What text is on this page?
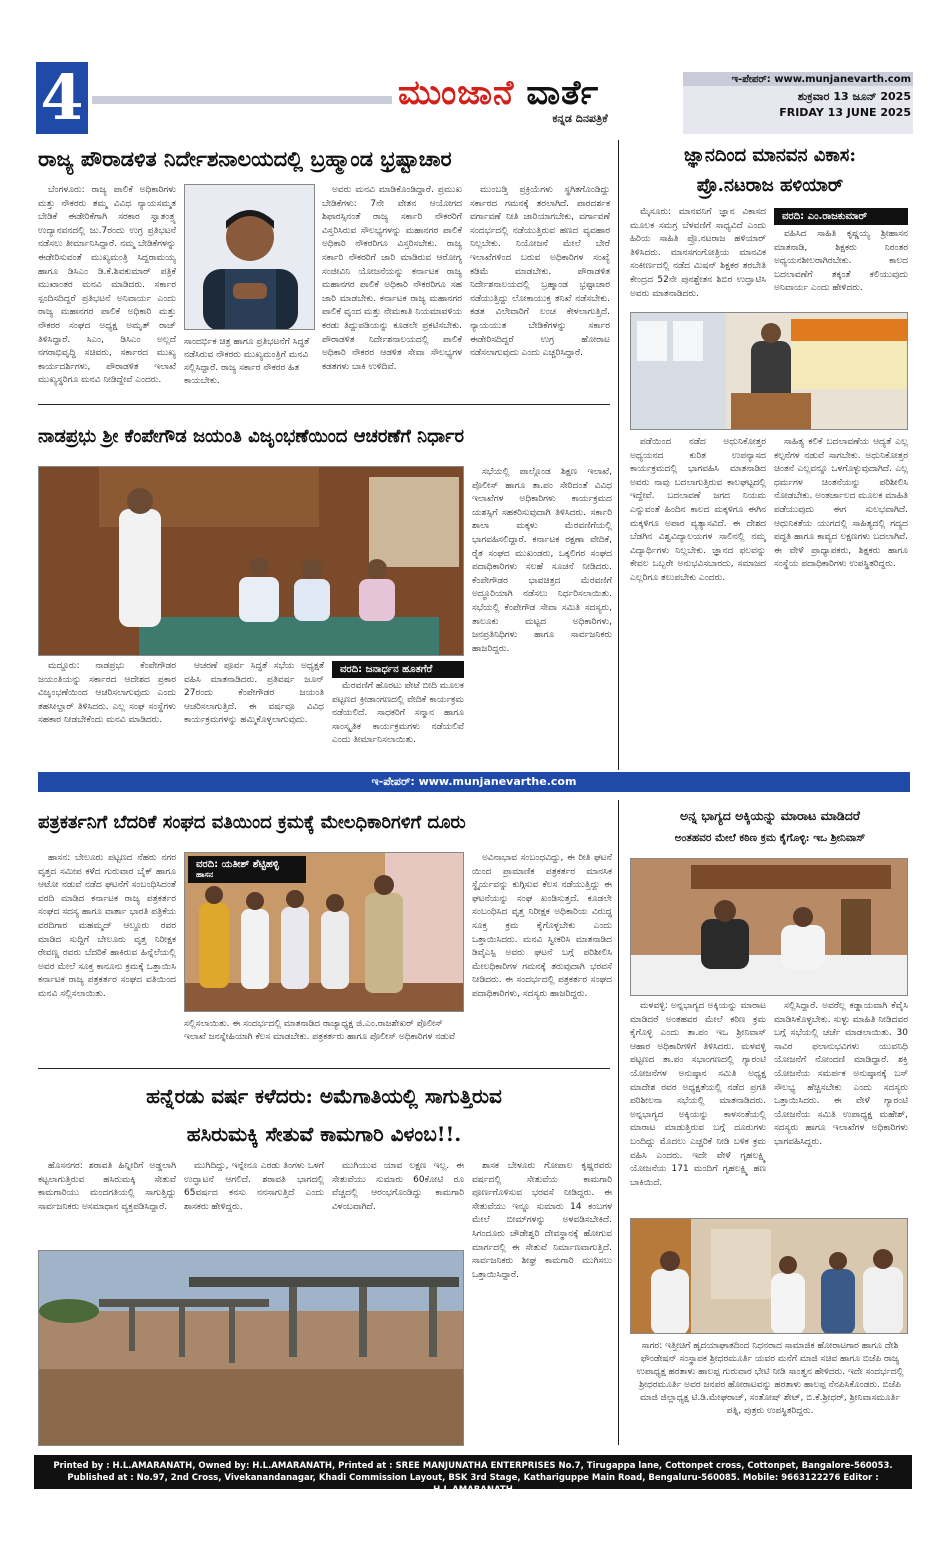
4	ಮುಂಜಾನೆ ವಾರ್ತೆ
ಕನ್ನಡ ದಿನಪತ್ರಿಕೆ
ಇ-ಪೇಪರ್: www.munjanevarth.com
ಶುಕ್ರವಾರ 13 ಜೂನ್ 2025
FRIDAY 13 JUNE 2025
ರಾಜ್ಯ ಪೌರಾಡಳಿತ ನಿರ್ದೇಶನಾಲಯದಲ್ಲಿ ಬ್ರಹ್ಮಾಂಡ ಭ್ರಷ್ಟಾಚಾರ

ಬೆಂಗಳೂರು: ರಾಜ್ಯ ಪಾಲಿಕೆ ಅಧಿಕಾರಿಗಳು ಮತ್ತು ನೌಕರರು ತಮ್ಮ ವಿವಿಧ ನ್ಯಾಯಸಮ್ಮತ ಬೇಡಿಕೆ ಈಡೇರಿಕೆಗಾಗಿ ಸರಕಾರ ಸ್ವಾತಂತ್ರ್ಯ ಉದ್ಯಾನವನದಲ್ಲಿ ಜು.7ರಂದು ಉಗ್ರ ಪ್ರತಿಭಟನೆ ನಡೆಸಲು ತೀರ್ಮಾನಿಸಿದ್ದಾರೆ. ನಮ್ಮ ಬೇಡಿಕೆಗಳನ್ನು ಈಡೇರಿಸುವಂತೆ ಮುಖ್ಯಮಂತ್ರಿ ಸಿದ್ದರಾಮಯ್ಯ ಹಾಗೂ ಡಿಸಿಎಂ ಡಿ.ಕೆ.ಶಿವಕುಮಾರ್ ಪತ್ರಿಕೆ ಮುಖಾಂತರ ಮನವಿ ಮಾಡಿದರು. ಸರ್ಕಾರ ಸ್ಪಂದಿಸದಿದ್ದರೆ ಪ್ರತಿಭಟನೆ ಅನಿವಾರ್ಯ ಎಂದು ರಾಜ್ಯ ಮಹಾನಗರ ಪಾಲಿಕೆ ಅಧಿಕಾರಿ ಮತ್ತು ನೌಕರರ ಸಂಘದ ಅಧ್ಯಕ್ಷ ಅಮೃತ್ ರಾಜ್ ತಿಳಿಸಿದ್ದಾರೆ. ಸಿಎಂ, ಡಿಸಿಎಂ ಅಲ್ಲದೆ ನಗರಾಭಿವೃದ್ಧಿ ಸಚಿವರು, ಸರ್ಕಾರದ ಮುಖ್ಯ ಕಾರ್ಯದರ್ಶಿಗಳು, ಪೌರಾಡಳಿತ ಇಲಾಖೆ ಮುಖ್ಯಸ್ಥರಿಗೂ ಮನವಿ ನೀಡಿದ್ದೇವೆ ಎಂದರು.

ಸಾಂದರ್ಭಿಕ ಚಿತ್ರ ಹಾಗೂ ಪ್ರತಿಭಟನೆಗೆ ಸಿದ್ಧತೆ ನಡೆಸಿರುವ ನೌಕರರು ಮುಖ್ಯಮಂತ್ರಿಗೆ ಮನವಿ ಸಲ್ಲಿಸಿದ್ದಾರೆ. ರಾಜ್ಯ ಸರ್ಕಾರ ನೌಕರರ ಹಿತ ಕಾಯಬೇಕು.

ಅವರು ಮನವಿ ಮಾಡಿಕೊಂಡಿದ್ದಾರೆ. ಪ್ರಮುಖ ಬೇಡಿಕೆಗಳು: 7ನೇ ವೇತನ ಆಯೋಗದ ಶಿಫಾರಸ್ಸಿನಂತೆ ರಾಜ್ಯ ಸರ್ಕಾರಿ ನೌಕರರಿಗೆ ವಿಸ್ತರಿಸಿರುವ ಸೌಲಭ್ಯಗಳನ್ನು ಮಹಾನಗರ ಪಾಲಿಕೆ ಅಧಿಕಾರಿ ನೌಕರರಿಗೂ ವಿಸ್ತರಿಸಬೇಕು. ರಾಜ್ಯ ಸರ್ಕಾರಿ ನೌಕರರಿಗೆ ಜಾರಿ ಮಾಡಿರುವ ಆರೋಗ್ಯ ಸಂಜೀವಿನಿ ಯೋಜನೆಯನ್ನು ಕರ್ನಾಟಕ ರಾಜ್ಯ ಮಹಾನಗರ ಪಾಲಿಕೆ ಅಧಿಕಾರಿ ನೌಕರರಿಗೂ ಸಹ ಜಾರಿ ಮಾಡಬೇಕು. ಕರ್ನಾಟಕ ರಾಜ್ಯ ಮಹಾನಗರ ಪಾಲಿಕೆ ವೃಂದ ಮತ್ತು ನೇಮಕಾತಿ ನಿಯಮಾವಳಿಯ ಕರಡು ತಿದ್ದುಪಡಿಯನ್ನು ಕೂಡಲೇ ಪ್ರಕಟಿಸಬೇಕು. ಪೌರಾಡಳಿತ ನಿರ್ದೇಶನಾಲಯದಲ್ಲಿ ಪಾಲಿಕೆ ಅಧಿಕಾರಿ ನೌಕರರ ಆಡಳಿತ ಸೇವಾ ಸೌಲಭ್ಯಗಳ ಕಡತಗಳು ಬಾಕಿ ಉಳಿದಿವೆ.

ಮುಂಬಡ್ತಿ ಪ್ರಕ್ರಿಯೆಗಳು ಸ್ಥಗಿತಗೊಂಡಿದ್ದು ಸರ್ಕಾರದ ಗಮನಕ್ಕೆ ತರಲಾಗಿದೆ. ಪಾರದರ್ಶಕ ವರ್ಗಾವಣೆ ನೀತಿ ಜಾರಿಯಾಗಬೇಕು, ವರ್ಗಾವಣೆ ಸಂದರ್ಭದಲ್ಲಿ ನಡೆಯುತ್ತಿರುವ ಹಣದ ವ್ಯವಹಾರ ನಿಲ್ಲಬೇಕು. ನಿಯೋಜನೆ ಮೇಲೆ ಬೇರೆ ಇಲಾಖೆಗಳಿಂದ ಬರುವ ಅಧಿಕಾರಿಗಳ ಸಂಖ್ಯೆ ಕಡಿಮೆ ಮಾಡಬೇಕು. ಪೌರಾಡಳಿತ ನಿರ್ದೇಶನಾಲಯದಲ್ಲಿ ಬ್ರಹ್ಮಾಂಡ ಭ್ರಷ್ಟಾಚಾರ ನಡೆಯುತ್ತಿದ್ದು ಲೋಕಾಯುಕ್ತ ತನಿಖೆ ನಡೆಸಬೇಕು. ಕಡತ ವಿಲೇವಾರಿಗೆ ಲಂಚ ಕೇಳಲಾಗುತ್ತಿದೆ. ನ್ಯಾಯಯುತ ಬೇಡಿಕೆಗಳನ್ನು ಸರ್ಕಾರ ಈಡೇರಿಸದಿದ್ದರೆ ಉಗ್ರ ಹೋರಾಟ ನಡೆಸಲಾಗುವುದು ಎಂದು ಎಚ್ಚರಿಸಿದ್ದಾರೆ.

ಜ್ಞಾನದಿಂದ ಮಾನವನ ವಿಕಾಸ:
ಪ್ರೊ.ನಟರಾಜ ಹಳಿಯಾರ್

ಮೈಸೂರು: ಮಾನವನಿಗೆ ಜ್ಞಾನ ವಿಕಾಸದ ಮೂಲಕ ಸಮಗ್ರ ಬೆಳವಣಿಗೆ ಸಾಧ್ಯವಿದೆ ಎಂದು ಹಿರಿಯ ಸಾಹಿತಿ ಪ್ರೊ.ನಟರಾಜ ಹಳಿಯಾರ್ ತಿಳಿಸಿದರು. ಮಾನಸಗಂಗೋತ್ರಿಯ ಮಾನವಿಕ ಸಂಕೀರ್ಣದಲ್ಲಿ ನಡೆದ ಮಿಷನ್ ಶಿಕ್ಷಕರ ತರಬೇತಿ ಕೇಂದ್ರದ 52ನೇ ಪುನಶ್ಚೇತನ ಶಿಬಿರ ಉದ್ಘಾಟಿಸಿ ಅವರು ಮಾತನಾಡಿದರು.

ವರದಿ: ಎಂ.ರಾಜಕುಮಾರ್

ವಹಿಸಿದ ಸಾಹಿತಿ ಕೃಷ್ಣಯ್ಯ ಶ್ರೀಹಾಸನ ಮಾತನಾಡಿ, ಶಿಕ್ಷಕರು ನಿರಂತರ ಅಧ್ಯಯನಶೀಲರಾಗಿರಬೇಕು. ಕಾಲದ ಬದಲಾವಣೆಗೆ ತಕ್ಕಂತೆ ಕಲಿಯುವುದು ಅನಿವಾರ್ಯ ಎಂದು ಹೇಳಿದರು.

ಪಡೆಯಿಂದ ನಡೆದ ಅಧುನಿಕೋತ್ತರ ಅಧ್ಯಯನದ ಕುರಿತ ಉಪನ್ಯಾಸದ ಕಾರ್ಯಕ್ರಮದಲ್ಲಿ ಭಾಗವಹಿಸಿ ಮಾತನಾಡಿದ ಅವರು ನಾವು ಬದಲಾಗುತ್ತಿರುವ ಕಾಲಘಟ್ಟದಲ್ಲಿ ಇದ್ದೇವೆ. ಬದಲಾವಣೆ ಜಗದ ನಿಯಮ ಎನ್ನುವಂತೆ ಹಿಂದಿನ ಕಾಲದ ಮಕ್ಕಳಿಗೂ ಈಗಿನ ಮಕ್ಕಳಿಗೂ ಅಪಾರ ವ್ಯತ್ಯಾಸವಿದೆ. ಈ ದೇಶದ ಬೆಡಗಿನ ವಿಶ್ವವಿದ್ಯಾಲಯಗಳ ಸಾಲಿನಲ್ಲಿ ನಮ್ಮ ವಿದ್ಯಾರ್ಥಿಗಳು ನಿಲ್ಲಬೇಕು. ಜ್ಞಾನದ ಫಲವನ್ನು ಕೇವಲ ಒಬ್ಬರೇ ಅನುಭವಿಸಬಾರದು, ಸಮಾಜದ ಎಲ್ಲರಿಗೂ ತಲುಪಬೇಕು ಎಂದರು.

ಸಾಹಿತ್ಯ ಕಲಿಕೆ ಬದಲಾವಣೆಯ ಆದ್ಯತೆ ಎಲ್ಲ ಕಲ್ಪನೆಗಳ ನಡುವೆ ಸಾಗಬೇಕು. ಅಧುನಿಕೋತ್ತರ ಚಿಂತನೆ ಎಲ್ಲವನ್ನೂ ಒಳಗೊಳ್ಳುವುದಾಗಿದೆ. ಎಲ್ಲ ಧರ್ಮಗಳ ಚಿಂತನೆಯನ್ನು ಪರಿಶೀಲಿಸಿ ನೋಡಬೇಕು. ಅಂತರ್ಜಾಲದ ಮೂಲಕ ಮಾಹಿತಿ ಪಡೆಯುವುದು ಈಗ ಸುಲಭವಾಗಿದೆ. ಆಧುನಿಕತೆಯ ಯುಗದಲ್ಲಿ ಸಾಹಿತ್ಯದಲ್ಲಿ ಗದ್ಯದ ಪದ್ಧತಿ ಹಾಗೂ ಕಾವ್ಯದ ಲಕ್ಷಣಗಳು ಬದಲಾಗಿವೆ. ಈ ವೇಳೆ ಪ್ರಾಧ್ಯಾಪಕರು, ಶಿಕ್ಷಕರು ಹಾಗೂ ಸಂಸ್ಥೆಯ ಪದಾಧಿಕಾರಿಗಳು ಉಪಸ್ಥಿತರಿದ್ದರು.

ನಾಡಪ್ರಭು ಶ್ರೀ ಕೆಂಪೇಗೌಡ ಜಯಂತಿ ವಿಜೃಂಭಣೆಯಿಂದ ಆಚರಣೆಗೆ ನಿರ್ಧಾರ

ಮದ್ದೂರು: ನಾಡಪ್ರಭು ಕೆಂಪೇಗೌಡರ ಜಯಂತಿಯನ್ನು ಸರ್ಕಾರದ ಆದೇಶದ ಪ್ರಕಾರ ವಿಜೃಂಭಣೆಯಿಂದ ಆಚರಿಸಲಾಗುವುದು ಎಂದು ತಹಸೀಲ್ದಾರ್ ತಿಳಿಸಿದರು. ಎಲ್ಲ ಸಂಘ ಸಂಸ್ಥೆಗಳು ಸಹಕಾರ ನೀಡಬೇಕೆಂದು ಮನವಿ ಮಾಡಿದರು.

ಆಚರಣೆ ಪೂರ್ವ ಸಿದ್ಧತೆ ಸಭೆಯ ಅಧ್ಯಕ್ಷತೆ ವಹಿಸಿ ಮಾತನಾಡಿದರು. ಪ್ರತಿವರ್ಷ ಜೂನ್ 27ರಂದು ಕೆಂಪೇಗೌಡರ ಜಯಂತಿ ಆಚರಿಸಲಾಗುತ್ತಿದೆ. ಈ ವರ್ಷವೂ ವಿವಿಧ ಕಾರ್ಯಕ್ರಮಗಳನ್ನು ಹಮ್ಮಿಕೊಳ್ಳಲಾಗುವುದು.

ವರದಿ: ಜನಾರ್ಧನ ಹೂತಗೆರೆ

ಮೆರವಣಿಗೆ ಹೊರಟು ಪೇಟೆ ಬೀದಿ ಮೂಲಕ ಪಟ್ಟಣದ ಕ್ರೀಡಾಂಗಣದಲ್ಲಿ ವೇದಿಕೆ ಕಾರ್ಯಕ್ರಮ ನಡೆಯಲಿದೆ. ಸಾಧಕರಿಗೆ ಸನ್ಮಾನ ಹಾಗೂ ಸಾಂಸ್ಕೃತಿಕ ಕಾರ್ಯಕ್ರಮಗಳು ನಡೆಯಲಿವೆ ಎಂದು ತೀರ್ಮಾನಿಸಲಾಯಿತು.

ಸಭೆಯಲ್ಲಿ ಪಾಲ್ಗೊಂಡ ಶಿಕ್ಷಣ ಇಲಾಖೆ, ಪೊಲೀಸ್ ಹಾಗೂ ತಾ.ಪಂ ಸೇರಿದಂತೆ ವಿವಿಧ ಇಲಾಖೆಗಳ ಅಧಿಕಾರಿಗಳು ಕಾರ್ಯಕ್ರಮದ ಯಶಸ್ಸಿಗೆ ಸಹಕರಿಸುವುದಾಗಿ ತಿಳಿಸಿದರು. ಸರ್ಕಾರಿ ಶಾಲಾ ಮಕ್ಕಳು ಮೆರವಣಿಗೆಯಲ್ಲಿ ಭಾಗವಹಿಸಲಿದ್ದಾರೆ. ಕರ್ನಾಟಕ ರಕ್ಷಣಾ ವೇದಿಕೆ, ರೈತ ಸಂಘದ ಮುಖಂಡರು, ಒಕ್ಕಲಿಗರ ಸಂಘದ ಪದಾಧಿಕಾರಿಗಳು ಸಲಹೆ ಸೂಚನೆ ನೀಡಿದರು. ಕೆಂಪೇಗೌಡರ ಭಾವಚಿತ್ರದ ಮೆರವಣಿಗೆ ಅದ್ಧೂರಿಯಾಗಿ ನಡೆಸಲು ನಿರ್ಧರಿಸಲಾಯಿತು. ಸಭೆಯಲ್ಲಿ ಕೆಂಪೇಗೌಡ ಸೇವಾ ಸಮಿತಿ ಸದಸ್ಯರು, ತಾಲೂಕು ಮಟ್ಟದ ಅಧಿಕಾರಿಗಳು, ಜನಪ್ರತಿನಿಧಿಗಳು ಹಾಗೂ ಸಾರ್ವಜನಿಕರು ಹಾಜರಿದ್ದರು.

ಇ-ಪೇಪರ್: www.munjanevarthe.com
ಪತ್ರಕರ್ತನಿಗೆ ಬೆದರಿಕೆ ಸಂಘದ ವತಿಯಿಂದ ಕ್ರಮಕ್ಕೆ ಮೇಲಧಿಕಾರಿಗಳಿಗೆ ದೂರು

ಹಾಸನ: ಬೇಲೂರು ಪಟ್ಟಣದ ನೆಹರು ನಗರ ವೃತ್ತದ ಸಮೀಪ ಕಳೆದ ಗುರುವಾರ ಬೈಕ್ ಹಾಗೂ ಆಟೋ ನಡುವೆ ನಡೆದ ಘಟನೆಗೆ ಸಂಬಂಧಿಸಿದಂತೆ ವರದಿ ಮಾಡಿದ ಕರ್ನಾಟಕ ರಾಜ್ಯ ಪತ್ರಕರ್ತರ ಸಂಘದ ಸದಸ್ಯ ಹಾಗೂ ವಾರ್ತಾ ಭಾರತಿ ಪತ್ರಿಕೆಯ ವರದಿಗಾರ ಮಹಮ್ಮದ್ ಆಲ್ದೂರು ರವರ ಮಾಡಿದ ಸುದ್ದಿಗೆ ಬೇಲೂರು ವೃತ್ತ ನಿರೀಕ್ಷಕ ರೇವಣ್ಣ ರವರು ಬೆದರಿಕೆ ಹಾಕಿರುವ ಹಿನ್ನೆಲೆಯಲ್ಲಿ ಅವರ ಮೇಲೆ ಸೂಕ್ತ ಕಾನೂನು ಕ್ರಮಕ್ಕೆ ಒತ್ತಾಯಿಸಿ ಕರ್ನಾಟಕ ರಾಜ್ಯ ಪತ್ರಕರ್ತರ ಸಂಘದ ವತಿಯಿಂದ ಮನವಿ ಸಲ್ಲಿಸಲಾಯಿತು.

ವರದಿ: ಯತೀಶ್ ಶೆಟ್ಟಿಹಳ್ಳಿ
ಹಾಸನ
ಸಲ್ಲಿಸಲಾಯಿತು. ಈ ಸಂದರ್ಭದಲ್ಲಿ ಮಾತನಾಡಿದ ರಾಜ್ಯಾಧ್ಯಕ್ಷ ಜಿ.ಎಂ.ರಾಜಶೇಖರ್ ಪೊಲೀಸ್ ಇಲಾಖೆ ಜನಸ್ನೇಹಿಯಾಗಿ ಕೆಲಸ ಮಾಡಬೇಕು. ಪತ್ರಕರ್ತರು ಹಾಗೂ ಪೊಲೀಸ್ ಅಧಿಕಾರಿಗಳ ನಡುವೆ

ಅವಿನಾಭಾವ ಸಂಬಂಧವಿದ್ದು, ಈ ರೀತಿ ಘಟನೆ ಯಿಂದ ಪ್ರಾಮಾಣಿಕ ಪತ್ರಕರ್ತರ ಮಾನಸಿಕ ಸ್ಥೈರ್ಯವನ್ನು ಕುಗ್ಗಿಸುವ ಕೆಲಸ ನಡೆಯುತ್ತಿದ್ದು ಈ ಘಟನೆಯನ್ನು ಸಂಘ ಖಂಡಿಸುತ್ತದೆ. ಕೂಡಲೇ ಸಂಬಂಧಿಸಿದ ವೃತ್ತ ನಿರೀಕ್ಷಕ ಅಧಿಕಾರಿಯ ವಿರುದ್ಧ ಸೂಕ್ತ ಕ್ರಮ ಕೈಗೊಳ್ಳಬೇಕು ಎಂದು ಒತ್ತಾಯಿಸಿದರು. ಮನವಿ ಸ್ವೀಕರಿಸಿ ಮಾತನಾಡಿದ ಡಿವೈಎಸ್ಪಿ ಅವರು ಘಟನೆ ಬಗ್ಗೆ ಪರಿಶೀಲಿಸಿ ಮೇಲಧಿಕಾರಿಗಳ ಗಮನಕ್ಕೆ ತರುವುದಾಗಿ ಭರವಸೆ ನೀಡಿದರು. ಈ ಸಂದರ್ಭದಲ್ಲಿ ಪತ್ರಕರ್ತರ ಸಂಘದ ಪದಾಧಿಕಾರಿಗಳು, ಸದಸ್ಯರು ಹಾಜರಿದ್ದರು.

ಅನ್ನ ಭಾಗ್ಯದ ಅಕ್ಕಿಯನ್ನು ಮಾರಾಟ ಮಾಡಿದರೆ
ಅಂತಹವರ ಮೇಲೆ ಕಠಿಣ ಕ್ರಮ ಕೈಗೊಳ್ಳಿ: ಇಒ ಶ್ರೀನಿವಾಸ್

ಮಳವಳ್ಳಿ: ಅನ್ನಭಾಗ್ಯದ ಅಕ್ಕಿಯನ್ನು ಮಾರಾಟ ಮಾಡಿದರೆ ಅಂತಹವರ ಮೇಲೆ ಕಠಿಣ ಕ್ರಮ ಕೈಗೊಳ್ಳಿ ಎಂದು ತಾ.ಪಂ ಇಒ ಶ್ರೀನಿವಾಸ್ ಆಹಾರ ಅಧಿಕಾರಿಗಳಿಗೆ ತಿಳಿಸಿದರು. ಮಳವಳ್ಳಿ ಪಟ್ಟಣದ ತಾ.ಪಂ ಸಭಾಂಗಣದಲ್ಲಿ ಗ್ಯಾರಂಟಿ ಯೋಜನೆಗಳ ಅನುಷ್ಠಾನ ಸಮಿತಿ ಅಧ್ಯಕ್ಷ ಮಾದೇಶ ರವರ ಅಧ್ಯಕ್ಷತೆಯಲ್ಲಿ ನಡೆದ ಪ್ರಗತಿ ಪರಿಶೀಲನಾ ಸಭೆಯಲ್ಲಿ ಮಾತನಾಡಿದರು. ಅನ್ನಭಾಗ್ಯದ ಅಕ್ಕಿಯನ್ನು ಕಾಳಸಂತೆಯಲ್ಲಿ ಮಾರಾಟ ಮಾಡುತ್ತಿರುವ ಬಗ್ಗೆ ದೂರುಗಳು ಬಂದಿದ್ದು ಮೊದಲು ಎಚ್ಚರಿಕೆ ನೀಡಿ ಬಳಿಕ ಕ್ರಮ ವಹಿಸಿ ಎಂದರು. ಇದೇ ವೇಳೆ ಗೃಹಲಕ್ಷ್ಮಿ ಯೋಜನೆಯ 171 ಮಂದಿಗೆ ಗೃಹಲಕ್ಷ್ಮಿ ಹಣ ಬಾಕಿಯಿದೆ.

ಸಲ್ಲಿಸಿದ್ದಾರೆ. ಅವರೆಲ್ಲ ಕಡ್ಡಾಯವಾಗಿ ಕೆವೈಸಿ ಮಾಡಿಸಿಕೊಳ್ಳಬೇಕು. ಸುಳ್ಳು ಮಾಹಿತಿ ನೀಡಿದವರ ಬಗ್ಗೆ ಸಭೆಯಲ್ಲಿ ಚರ್ಚೆ ಮಾಡಲಾಯಿತು. 30 ಸಾವಿರ ಫಲಾನುಭವಿಗಳು ಯುವನಿಧಿ ಯೋಜನೆಗೆ ನೋಂದಣಿ ಮಾಡಿದ್ದಾರೆ. ಶಕ್ತಿ ಯೋಜನೆಯ ಸಮರ್ಪಕ ಅನುಷ್ಠಾನಕ್ಕೆ ಬಸ್ ಸೌಲಭ್ಯ ಹೆಚ್ಚಿಸಬೇಕು ಎಂದು ಸದಸ್ಯರು ಒತ್ತಾಯಿಸಿದರು. ಈ ವೇಳೆ ಗ್ಯಾರಂಟಿ ಯೋಜನೆಯ ಸಮಿತಿ ಉಪಾಧ್ಯಕ್ಷ ಮಹೇಶ್, ಸದಸ್ಯರು ಹಾಗೂ ಇಲಾಖೆಗಳ ಅಧಿಕಾರಿಗಳು ಭಾಗವಹಿಸಿದ್ದರು.

ಹನ್ನೆರಡು ವರ್ಷ ಕಳೆದರು: ಅಮೆಗಾತಿಯಲ್ಲಿ ಸಾಗುತ್ತಿರುವ
ಹಸಿರುಮಕ್ಕಿ ಸೇತುವೆ ಕಾಮಗಾರಿ ವಿಳಂಬ!!.

ಹೊಸನಗರ: ಶರಾವತಿ ಹಿನ್ನೀರಿಗೆ ಅಡ್ಡಲಾಗಿ ಕಟ್ಟಲಾಗುತ್ತಿರುವ ಹಸಿರುಮಕ್ಕಿ ಸೇತುವೆ ಕಾಮಗಾರಿಯು ಮಂದಗತಿಯಲ್ಲಿ ಸಾಗುತ್ತಿದ್ದು ಸಾರ್ವಜನಿಕರು ಅಸಮಾಧಾನ ವ್ಯಕ್ತಪಡಿಸಿದ್ದಾರೆ.

ಮುಗಿದಿದ್ದು, ಇನ್ನೇನೂ ಎರಡು ತಿಂಗಳು ಒಳಗೆ ಉದ್ಘಾಟನೆ ಆಗಲಿದೆ. ಶರಾವತಿ ಭಾಗದಲ್ಲಿ 65ವರ್ಷದ ಕನಸು ನನಸಾಗುತ್ತಿದೆ ಎಂದು ಶಾಸಕರು ಹೇಳಿದ್ದರು.

ಮುಗಿಯುವ ಯಾವ ಲಕ್ಷಣ ಇಲ್ಲ. ಈ ಸೇತುವೆಯು ಸುಮಾರು 60ಕೋಟಿ ರೂ ವೆಚ್ಚದಲ್ಲಿ ಆರಂಭಗೊಂಡಿದ್ದು ಕಾಮಗಾರಿ ವಿಳಂಬವಾಗಿದೆ.

ಶಾಸಕ ಬೇಳೂರು ಗೋಪಾಲ ಕೃಷ್ಣರವರು ವರ್ಷದಲ್ಲಿ ಸೇತುವೆಯ ಕಾಮಗಾರಿ ಪೂರ್ಣಗೊಳಿಸುವ ಭರವಸೆ ನೀಡಿದ್ದರು. ಈ ಸೇತುವೆಯು ಇನ್ನೂ ಸುಮಾರು 14 ಕಂಬಗಳ ಮೇಲೆ ಬೀಮ್‌ಗಳನ್ನು ಅಳವಡಿಸಬೇಕಿದೆ. ಸಿಗಂದೂರು ಚೌಡೇಶ್ವರಿ ದೇವಸ್ಥಾನಕ್ಕೆ ಹೋಗುವ ಮಾರ್ಗದಲ್ಲಿ ಈ ಸೇತುವೆ ನಿರ್ಮಾಣವಾಗುತ್ತಿದೆ. ಸಾರ್ವಜನಿಕರು ಶೀಘ್ರ ಕಾಮಗಾರಿ ಮುಗಿಸಲು ಒತ್ತಾಯಿಸಿದ್ದಾರೆ.

ಸಾಗರ: ಇತ್ತೀಚಿಗೆ ಹೃದಯಾಘಾತದಿಂದ ನಿಧನರಾದ ಸಾಮಾಜಿಕ ಹೋರಾಟಗಾರ ಹಾಗೂ ದೇಶಿ ಫೌಂಡೇಷನ್ ಸಂಸ್ಥಾಪಕ ಶ್ರೀಧರಮೂರ್ತಿ ಯವರ ಮನೆಗೆ ಮಾಜಿ ಸಚಿವ ಹಾಗೂ ಬಿಜೆಪಿ ರಾಜ್ಯ ಉಪಾಧ್ಯಕ್ಷ ಹರತಾಳು ಹಾಲಪ್ಪ ಗುರುವಾರ ಭೇಟಿ ನೀಡಿ ಸಾಂತ್ವನ ಹೇಳಿದರು. ಇದೇ ಸಂದರ್ಭದಲ್ಲಿ ಶ್ರೀಧರಮೂರ್ತಿ ಅವರ ಜನಪರ ಹೋರಾಟವನ್ನು ಹರತಾಳು ಹಾಲಪ್ಪ ನೆನಪಿಸಿಕೊಂಡರು. ಬಿಜೆಪಿ ಮಾಜಿ ಜಿಲ್ಲಾಧ್ಯಕ್ಷ ಟಿ.ಡಿ.ಮೇಘರಾಜ್, ಸಂತೋಷ್ ಶೇಟ್, ಬಿ.ಕೆ.ಶ್ರೀಧರ್, ಶ್ರೀನಿವಾಸಮೂರ್ತಿ ಪತ್ನಿ, ಪುತ್ರರು ಉಪಸ್ಥಿತರಿದ್ದರು.
Printed by : H.L.AMARANATH, Owned by: H.L.AMARANATH, Printed at : SREE MANJUNATHA ENTERPRISES No.7, Tirugappa lane, Cottonpet cross, Cottonpet, Bangalore-560053.
Published at : No.97, 2nd Cross, Vivekanandanagar, Khadi Commission Layout, BSK 3rd Stage, Kathariguppe Main Road, Bengaluru-560085. Mobile: 9663122276 Editor : H.L.AMARANATH
